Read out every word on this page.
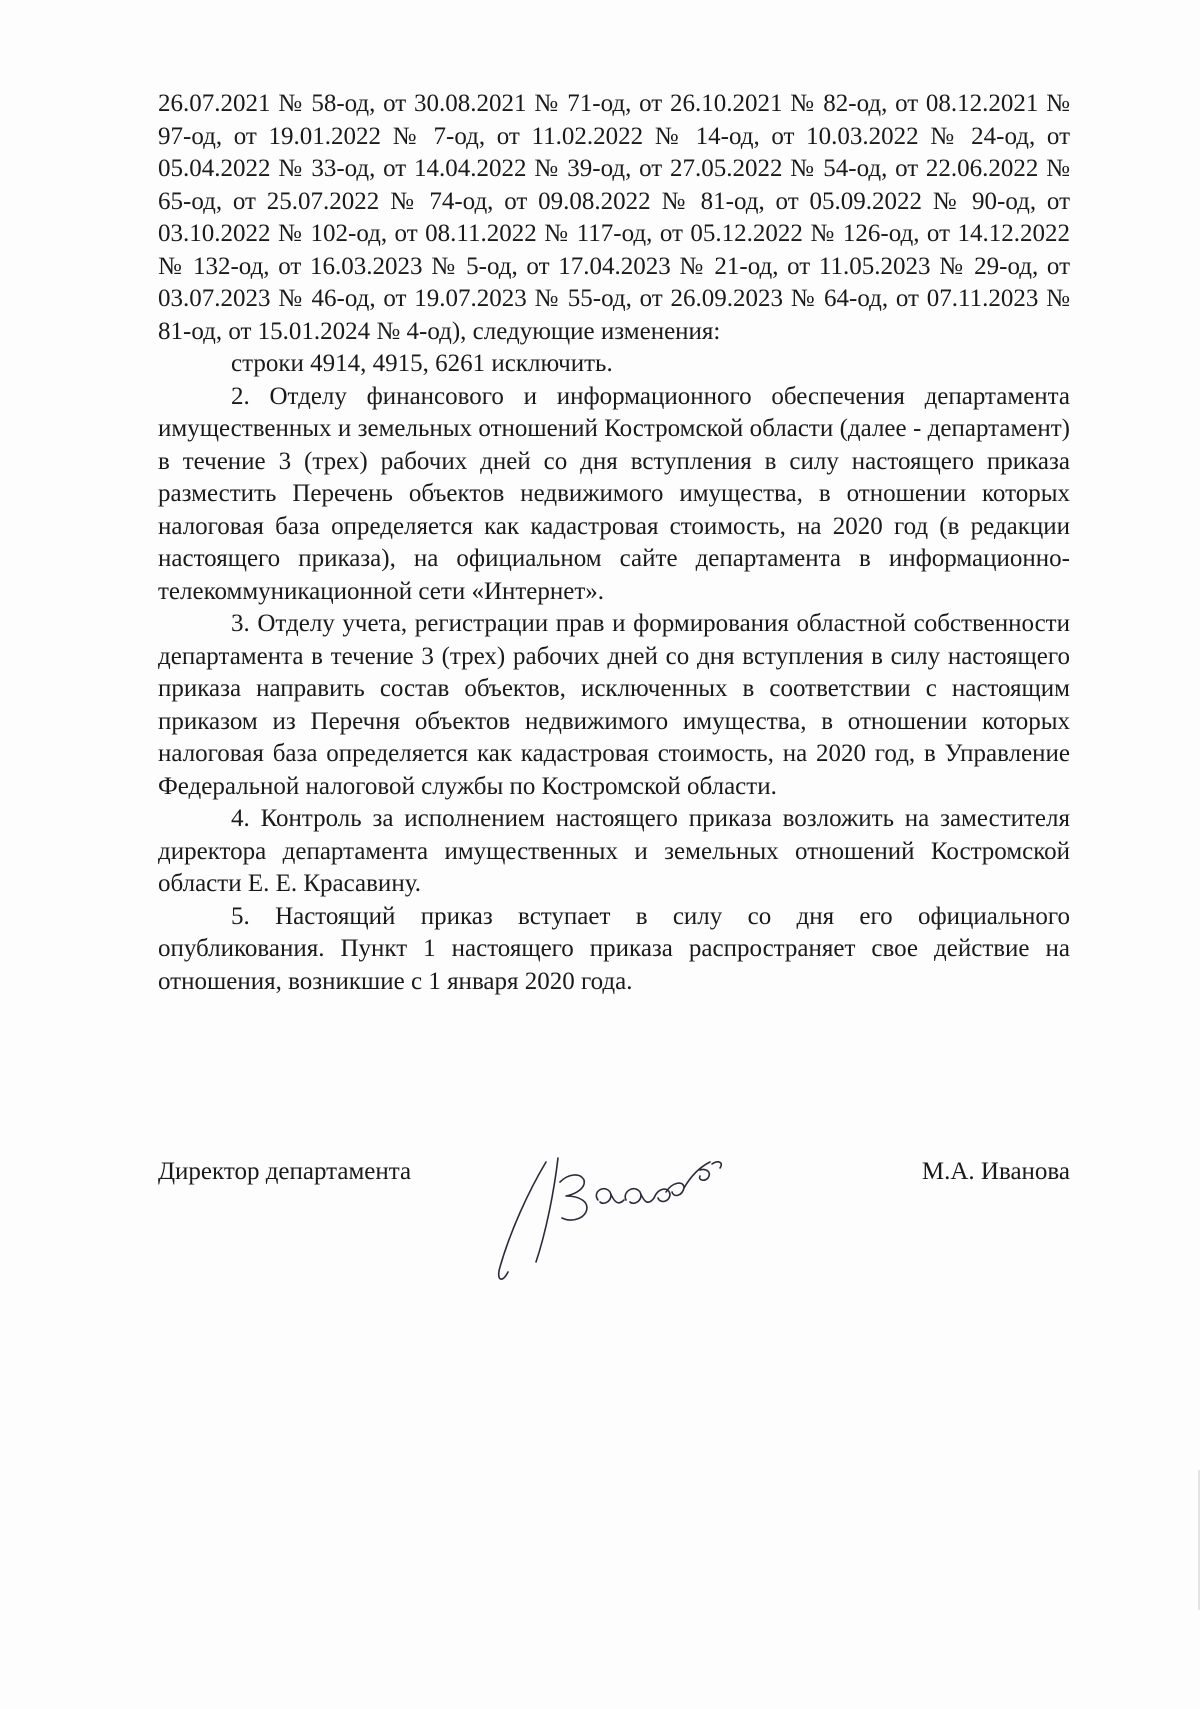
26.07.2021 № 58-од, от 30.08.2021 № 71-од, от 26.10.2021 № 82-од, от 08.12.2021 № 97-од, от 19.01.2022 № 7-од, от 11.02.2022 № 14-од, от 10.03.2022 № 24-од, от 05.04.2022 № 33-од, от 14.04.2022 № 39-од, от 27.05.2022 № 54-од, от 22.06.2022 № 65-од, от 25.07.2022 № 74-од, от 09.08.2022 № 81-од, от 05.09.2022 № 90-од, от 03.10.2022 № 102-од, от 08.11.2022 № 117-од, от 05.12.2022 № 126-од, от 14.12.2022 № 132-од, от 16.03.2023 № 5-од, от 17.04.2023 № 21-од, от 11.05.2023 № 29-од, от 03.07.2023 № 46-од, от 19.07.2023 № 55-од, от 26.09.2023 № 64-од, от 07.11.2023 № 81-од, от 15.01.2024 № 4-од), следующие изменения:

строки 4914, 4915, 6261 исключить.

2. Отделу финансового и информационного обеспечения департамента имущественных и земельных отношений Костромской области (далее - департамент) в течение 3 (трех) рабочих дней со дня вступления в силу настоящего приказа разместить Перечень объектов недвижимого имущества, в отношении которых налоговая база определяется как кадастровая стоимость, на 2020 год (в редакции настоящего приказа), на официальном сайте департамента в информационно-телекоммуникационной сети «Интернет».

3. Отделу учета, регистрации прав и формирования областной собственности департамента в течение 3 (трех) рабочих дней со дня вступления в силу настоящего приказа направить состав объектов, исключенных в соответствии с настоящим приказом из Перечня объектов недвижимого имущества, в отношении которых налоговая база определяется как кадастровая стоимость, на 2020 год, в Управление Федеральной налоговой службы по Костромской области.

4. Контроль за исполнением настоящего приказа возложить на заместителя директора департамента имущественных и земельных отношений Костромской области Е. Е. Красавину.

5. Настоящий приказ вступает в силу со дня его официального опубликования. Пункт 1 настоящего приказа распространяет свое действие на отношения, возникшие с 1 января 2020 года.

Директор департамента	М.А. Иванова
